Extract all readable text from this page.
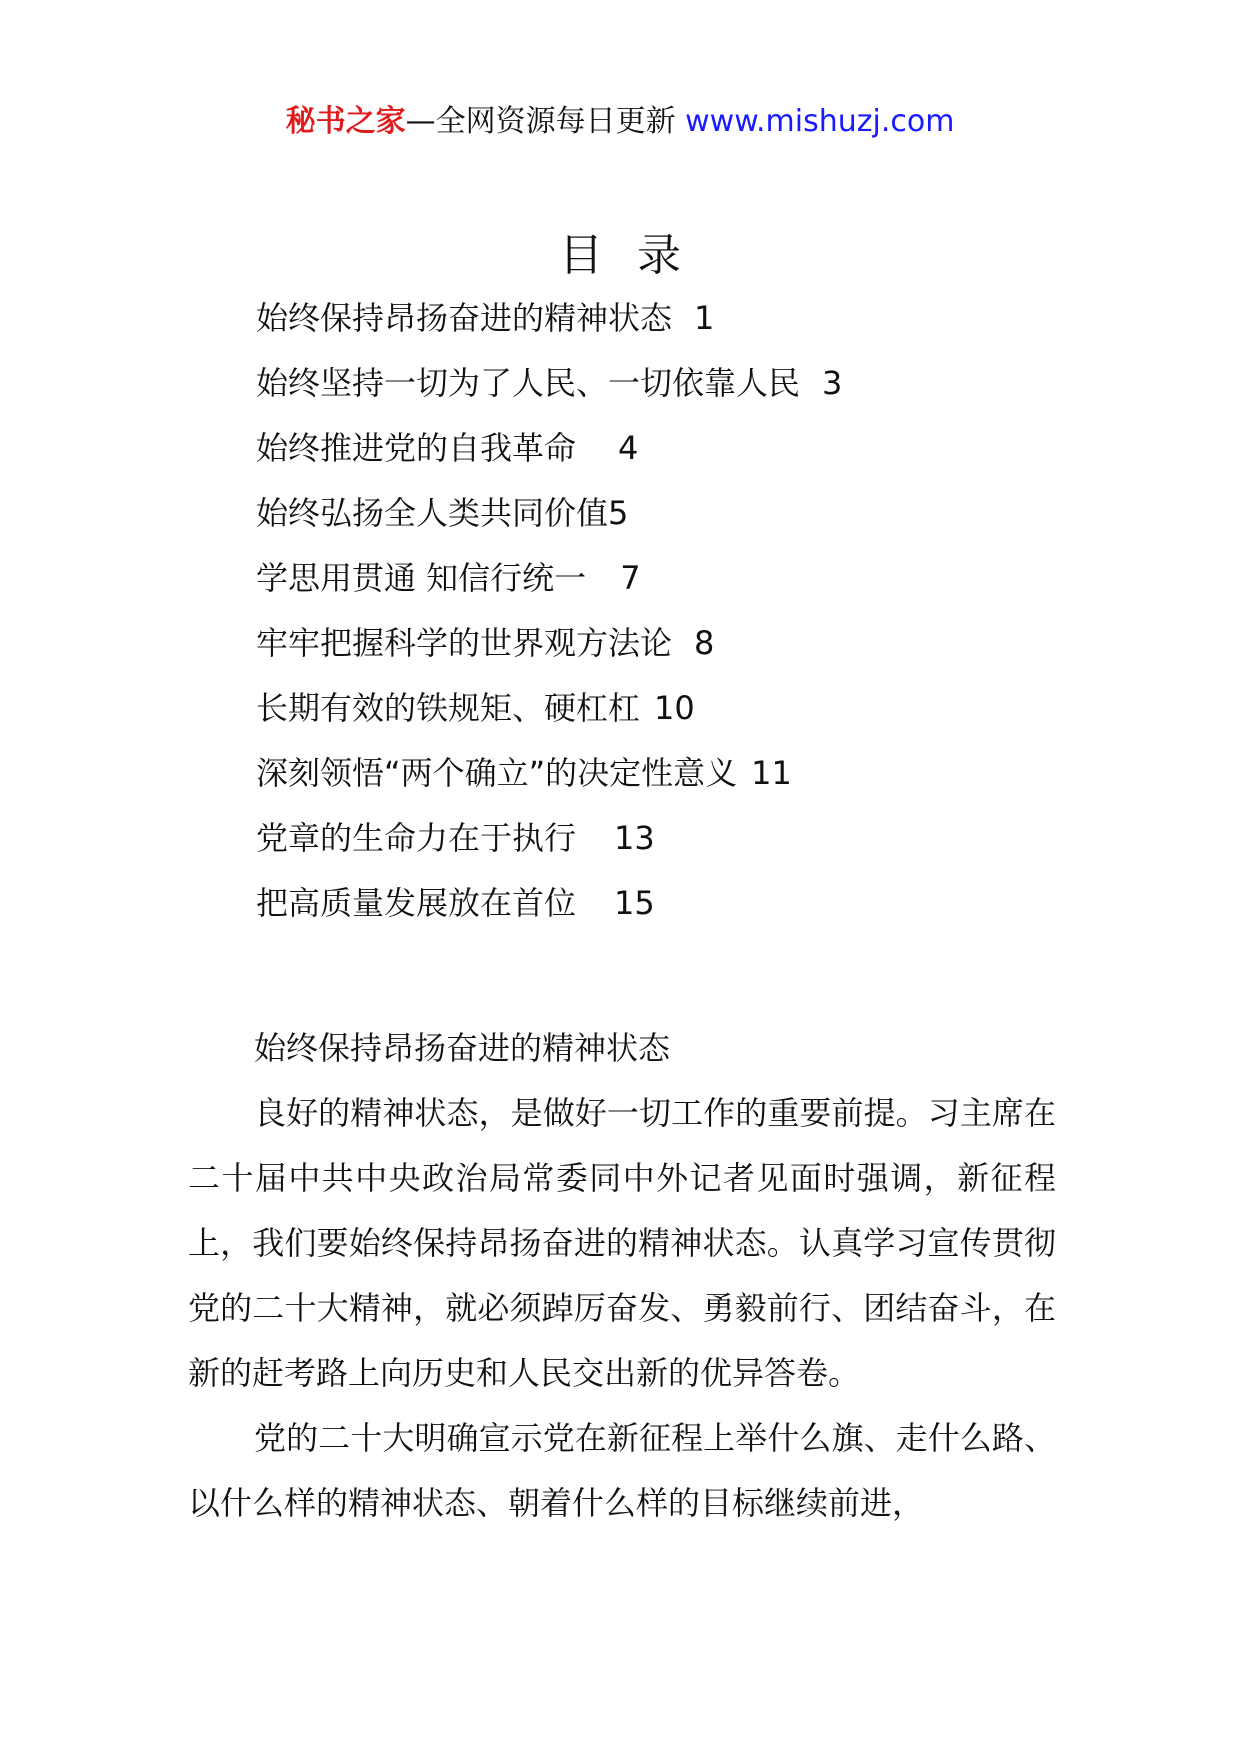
秘书之家—全网资源每日更新 www.mishuzj.com
目录
始终保持昂扬奋进的精神状态 1
始终坚持一切为了人民、一切依靠人民 3
始终推进党的自我革命 4
始终弘扬全人类共同价值5
学思用贯通 知信行统一 7
牢牢把握科学的世界观方法论 8
长期有效的铁规矩、硬杠杠 10
深刻领悟“两个确立”的决定性意义 11
党章的生命力在于执行 13
把高质量发展放在首位 15
始终保持昂扬奋进的精神状态

良好的精神状态，是做好一切工作的重要前提。习主席在二十届中共中央政治局常委同中外记者见面时强调，新征程上，我们要始终保持昂扬奋进的精神状态。认真学习宣传贯彻党的二十大精神，就必须踔厉奋发、勇毅前行、团结奋斗，在新的赶考路上向历史和人民交出新的优异答卷。

党的二十大明确宣示党在新征程上举什么旗、走什么路、以什么样的精神状态、朝着什么样的目标继续前进，
